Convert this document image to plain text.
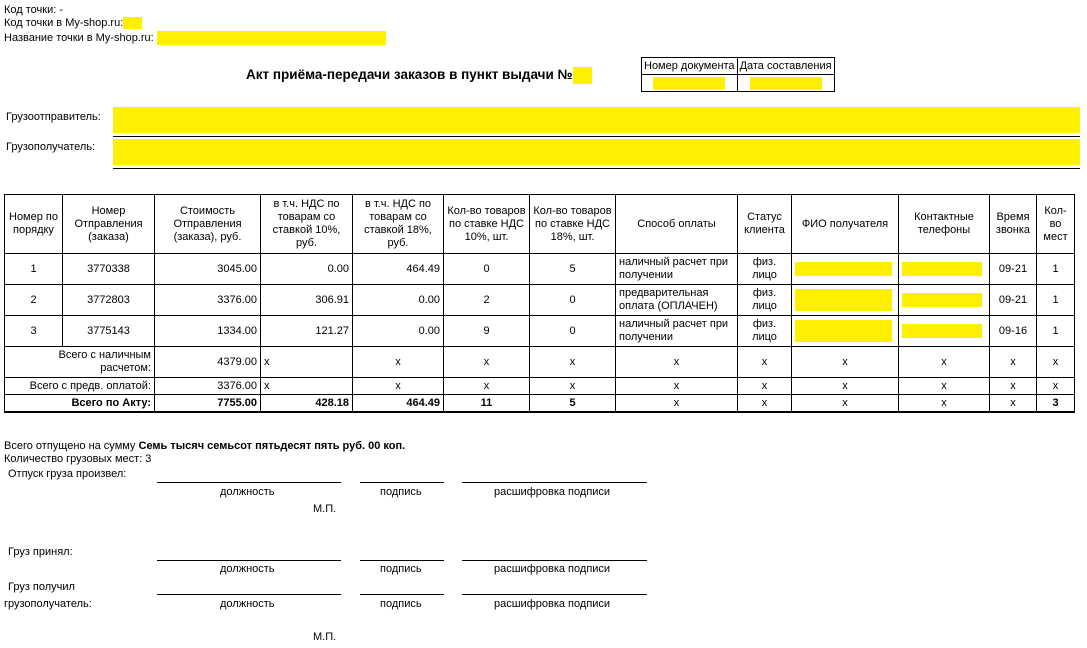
Код точки: -
Код точки в My-shop.ru:
Название точки в My-shop.ru:
Акт приёма-передачи заказов в пункт выдачи №
Номер документа	Дата составления

Грузоотправитель:
Грузополучатель:
Номер по порядку	Номер Отправления (заказа)	Стоимость Отправления (заказа), руб.	в т.ч. НДС по товарам со ставкой 10%, руб.	в т.ч. НДС по товарам со ставкой 18%, руб.	Кол-во товаров по ставке НДС 10%, шт.	Кол-во товаров по ставке НДС 18%, шт.	Способ оплаты	Статус клиента	ФИО получателя	Контактные телефоны	Время звонка	Кол-во мест
1	3770338	3045.00	0.00	464.49	0	5	наличный расчет при получении	физ. лицо			09-21	1
2	3772803	3376.00	306.91	0.00	2	0	предварительная оплата (ОПЛАЧЕН)	физ. лицо			09-21	1
3	3775143	1334.00	121.27	0.00	9	0	наличный расчет при получении	физ. лицо			09-16	1
Всего с наличным расчетом:		4379.00	x	x	x	x	x	x	x	x	x	x
Всего с предв. оплатой:		3376.00	x	x	x	x	x	x	x	x	x	x
Всего по Акту:		7755.00	428.18	464.49	11	5	x	x	x	x	x	3
Всего отпущено на сумму Семь тысяч семьсот пятьдесят пять руб. 00 коп.
Количество грузовых мест: 3
Отпуск груза произвел:
должность	подпись	расшифровка подписи
М.П.
Груз принял:
должность	подпись	расшифровка подписи
Груз получил
грузополучатель:	должность	подпись	расшифровка подписи
М.П.
